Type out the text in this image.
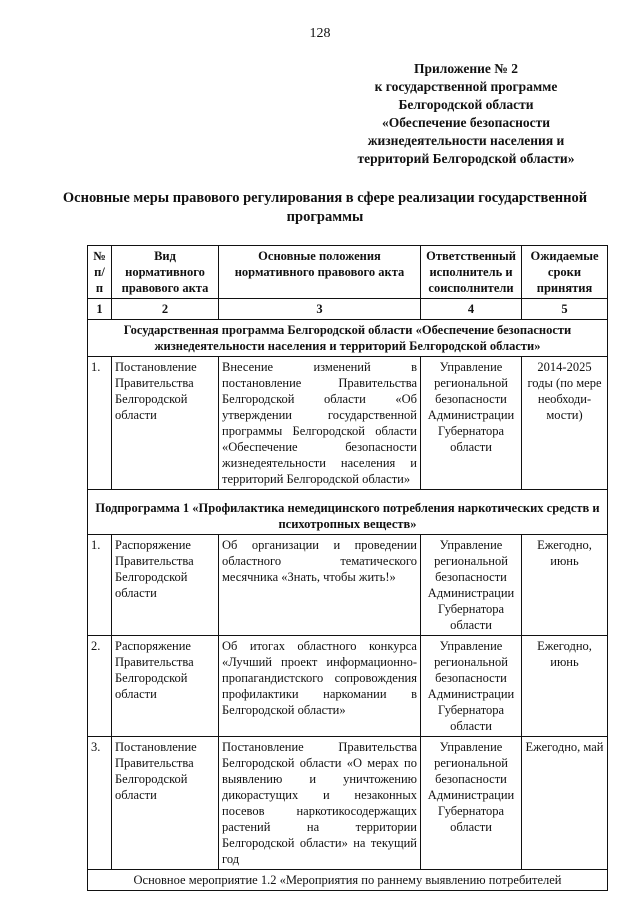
128
Приложение № 2
к государственной программе
Белгородской области
«Обеспечение безопасности
жизнедеятельности населения и
территорий Белгородской области»
Основные меры правового регулирования в сфере реализации государственной программы
№ п/п	Вид нормативного правового акта	Основные положения нормативного правового акта	Ответственный исполнитель и соисполнители	Ожидаемые сроки принятия
1	2	3	4	5
Государственная программа Белгородской области «Обеспечение безопасности жизнедеятельности населения и территорий Белгородской области»				
1.	Постановление Правительства Белгородской области	Внесение изменений в постановление Правительства Белгородской области «Об утверждении государственной программы Белгородской области «Обеспечение безопасности жизнедеятельности населения и территорий Белгородской области»	Управление региональной безопасности Администрации Губернатора области	2014-2025 годы (по мере необходи-мости)
Подпрограмма 1 «Профилактика немедицинского потребления наркотических средств и психотропных веществ»				
1.	Распоряжение Правительства Белгородской области	Об организации и проведении областного тематического месячника «Знать, чтобы жить!»	Управление региональной безопасности Администрации Губернатора области	Ежегодно, июнь
2.	Распоряжение Правительства Белгородской области	Об итогах областного конкурса «Лучший проект информационно-пропагандистского сопровождения профилактики наркомании в Белгородской области»	Управление региональной безопасности Администрации Губернатора области	Ежегодно, июнь
3.	Постановление Правительства Белгородской области	Постановление Правительства Белгородской области «О мерах по выявлению и уничтожению дикорастущих и незаконных посевов наркотикосодержащих растений на территории Белгородской области» на текущий год	Управление региональной безопасности Администрации Губернатора области	Ежегодно, май
Основное мероприятие 1.2 «Мероприятия по раннему выявлению потребителей				
